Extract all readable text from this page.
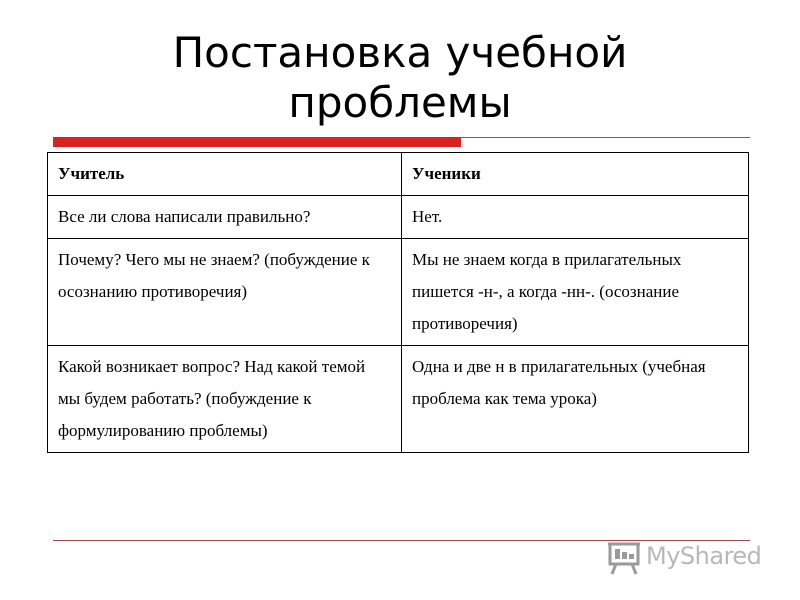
Постановка учебной
проблемы
Учитель	Ученики
Все ли слова написали правильно?	Нет.
Почему? Чего мы не знаем? (побуждение к осознанию противоречия)	Мы не знаем когда в прилагательных пишется -н-, а когда -нн-. (осознание противоречия)
Какой возникает вопрос? Над какой темой мы будем работать? (побуждение к формулированию проблемы)	Одна и две н в прилагательных (учебная проблема как тема урока)
MyShared
